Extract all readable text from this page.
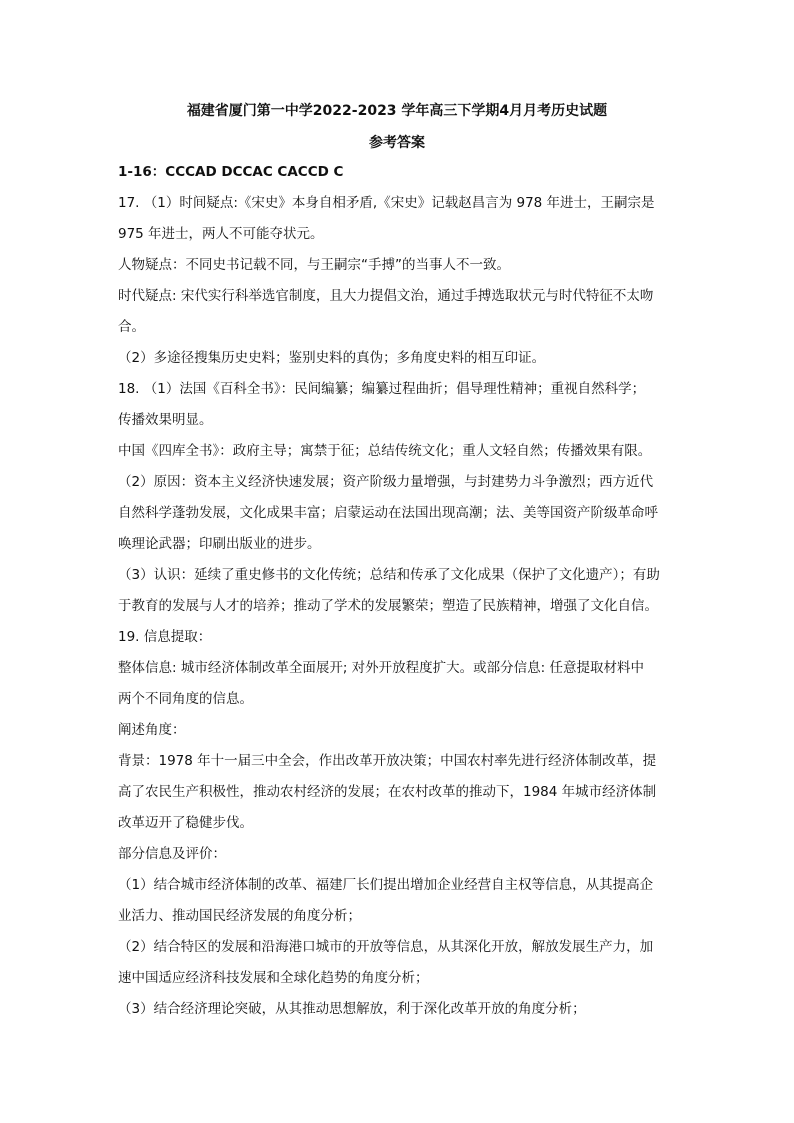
福建省厦门第一中学2022-2023 学年高三下学期4月月考历史试题
参考答案

1-16：CCCAD DCCAC CACCD C

17. （1）时间疑点:《宋史》本身自相矛盾,《宋史》记载赵昌言为 978 年进士，王嗣宗是

975 年进士，两人不可能夺状元。

人物疑点：不同史书记载不同，与王嗣宗“手搏”的当事人不一致。

时代疑点: 宋代实行科举选官制度，且大力提倡文治，通过手搏选取状元与时代特征不太吻

合。

（2）多途径搜集历史史料；鉴别史料的真伪；多角度史料的相互印证。

18. （1）法国《百科全书》：民间编纂；编纂过程曲折；倡导理性精神；重视自然科学；

传播效果明显。

中国《四库全书》：政府主导；寓禁于征；总结传统文化；重人文轻自然；传播效果有限。

（2）原因：资本主义经济快速发展；资产阶级力量增强，与封建势力斗争激烈；西方近代

自然科学蓬勃发展，文化成果丰富；启蒙运动在法国出现高潮；法、美等国资产阶级革命呼

唤理论武器；印刷出版业的进步。

（3）认识：延续了重史修书的文化传统；总结和传承了文化成果（保护了文化遗产）；有助

于教育的发展与人才的培养；推动了学术的发展繁荣；塑造了民族精神，增强了文化自信。

19. 信息提取：

整体信息: 城市经济体制改革全面展开; 对外开放程度扩大。或部分信息: 任意提取材料中

两个不同角度的信息。

阐述角度：

背景：1978 年十一届三中全会，作出改革开放决策；中国农村率先进行经济体制改革，提

高了农民生产积极性，推动农村经济的发展；在农村改革的推动下，1984 年城市经济体制

改革迈开了稳健步伐。

部分信息及评价：

（1）结合城市经济体制的改革、福建厂长们提出增加企业经营自主权等信息，从其提高企

业活力、推动国民经济发展的角度分析；

（2）结合特区的发展和沿海港口城市的开放等信息，从其深化开放，解放发展生产力，加

速中国适应经济科技发展和全球化趋势的角度分析；

（3）结合经济理论突破，从其推动思想解放，利于深化改革开放的角度分析；
